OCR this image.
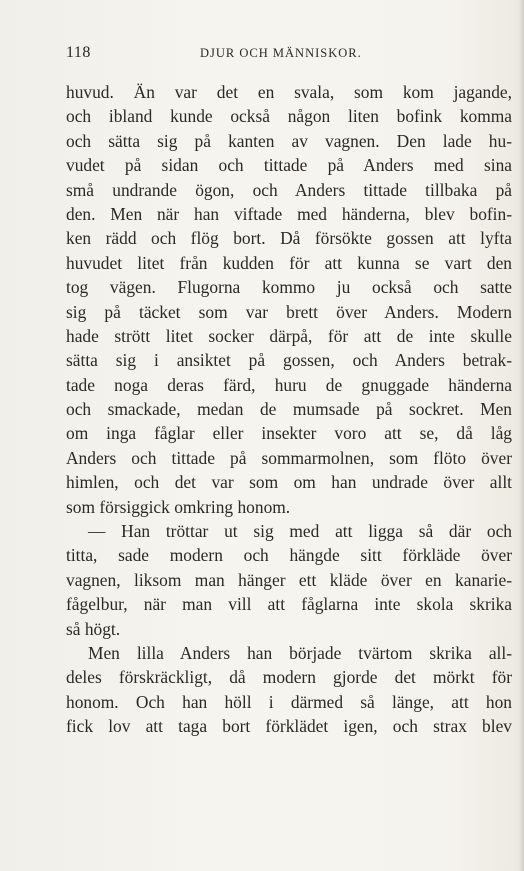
118	DJUR OCH MÄNNISKOR.
huvud. Än var det en svala, som kom jagande,
och ibland kunde också någon liten bofink komma
och sätta sig på kanten av vagnen. Den lade hu-
vudet på sidan och tittade på Anders med sina
små undrande ögon, och Anders tittade tillbaka på
den. Men när han viftade med händerna, blev bofin-
ken rädd och flög bort. Då försökte gossen att lyfta
huvudet litet från kudden för att kunna se vart den
tog vägen. Flugorna kommo ju också och satte
sig på täcket som var brett över Anders. Modern
hade strött litet socker därpå, för att de inte skulle
sätta sig i ansiktet på gossen, och Anders betrak-
tade noga deras färd, huru de gnuggade händerna
och smackade, medan de mumsade på sockret. Men
om inga fåglar eller insekter voro att se, då låg
Anders och tittade på sommarmolnen, som flöto över
himlen, och det var som om han undrade över allt
som försiggick omkring honom.
— Han tröttar ut sig med att ligga så där och
titta, sade modern och hängde sitt förkläde över
vagnen, liksom man hänger ett kläde över en kanarie-
fågelbur, när man vill att fåglarna inte skola skrika
så högt.
Men lilla Anders han började tvärtom skrika all-
deles förskräckligt, då modern gjorde det mörkt för
honom. Och han höll i därmed så länge, att hon
fick lov att taga bort förklädet igen, och strax blev
